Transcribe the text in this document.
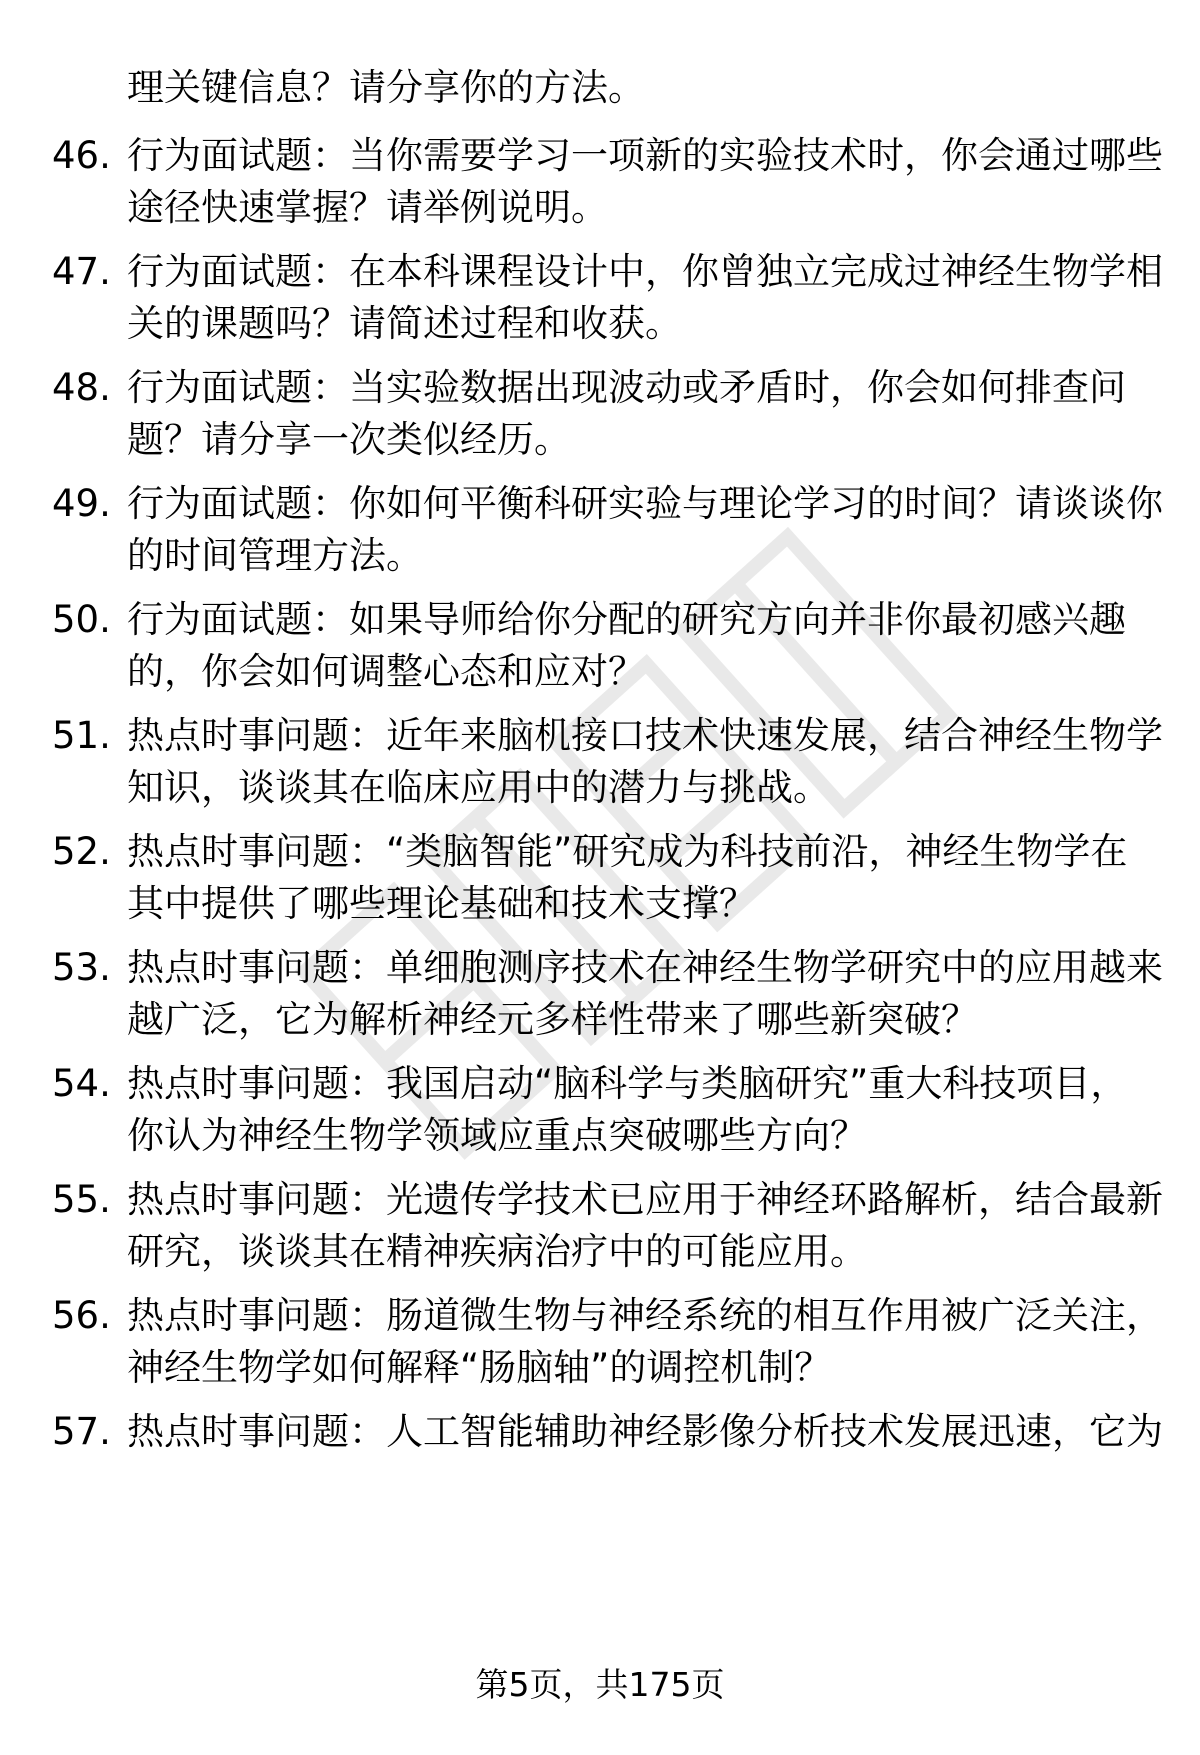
理关键信息？请分享你的方法。
46. 行为面试题：当你需要学习一项新的实验技术时，你会通过哪些
途径快速掌握？请举例说明。
47. 行为面试题：在本科课程设计中，你曾独立完成过神经生物学相
关的课题吗？请简述过程和收获。
48. 行为面试题：当实验数据出现波动或矛盾时，你会如何排查问
题？请分享一次类似经历。
49. 行为面试题：你如何平衡科研实验与理论学习的时间？请谈谈你
的时间管理方法。
50. 行为面试题：如果导师给你分配的研究方向并非你最初感兴趣
的，你会如何调整心态和应对？
51. 热点时事问题：近年来脑机接口技术快速发展，结合神经生物学
知识，谈谈其在临床应用中的潜力与挑战。
52. 热点时事问题：“类脑智能”研究成为科技前沿，神经生物学在
其中提供了哪些理论基础和技术支撑？
53. 热点时事问题：单细胞测序技术在神经生物学研究中的应用越来
越广泛，它为解析神经元多样性带来了哪些新突破？
54. 热点时事问题：我国启动“脑科学与类脑研究”重大科技项目，
你认为神经生物学领域应重点突破哪些方向？
55. 热点时事问题：光遗传学技术已应用于神经环路解析，结合最新
研究，谈谈其在精神疾病治疗中的可能应用。
56. 热点时事问题：肠道微生物与神经系统的相互作用被广泛关注，
神经生物学如何解释“肠脑轴”的调控机制？
57. 热点时事问题：人工智能辅助神经影像分析技术发展迅速，它为
第5页，共175页
